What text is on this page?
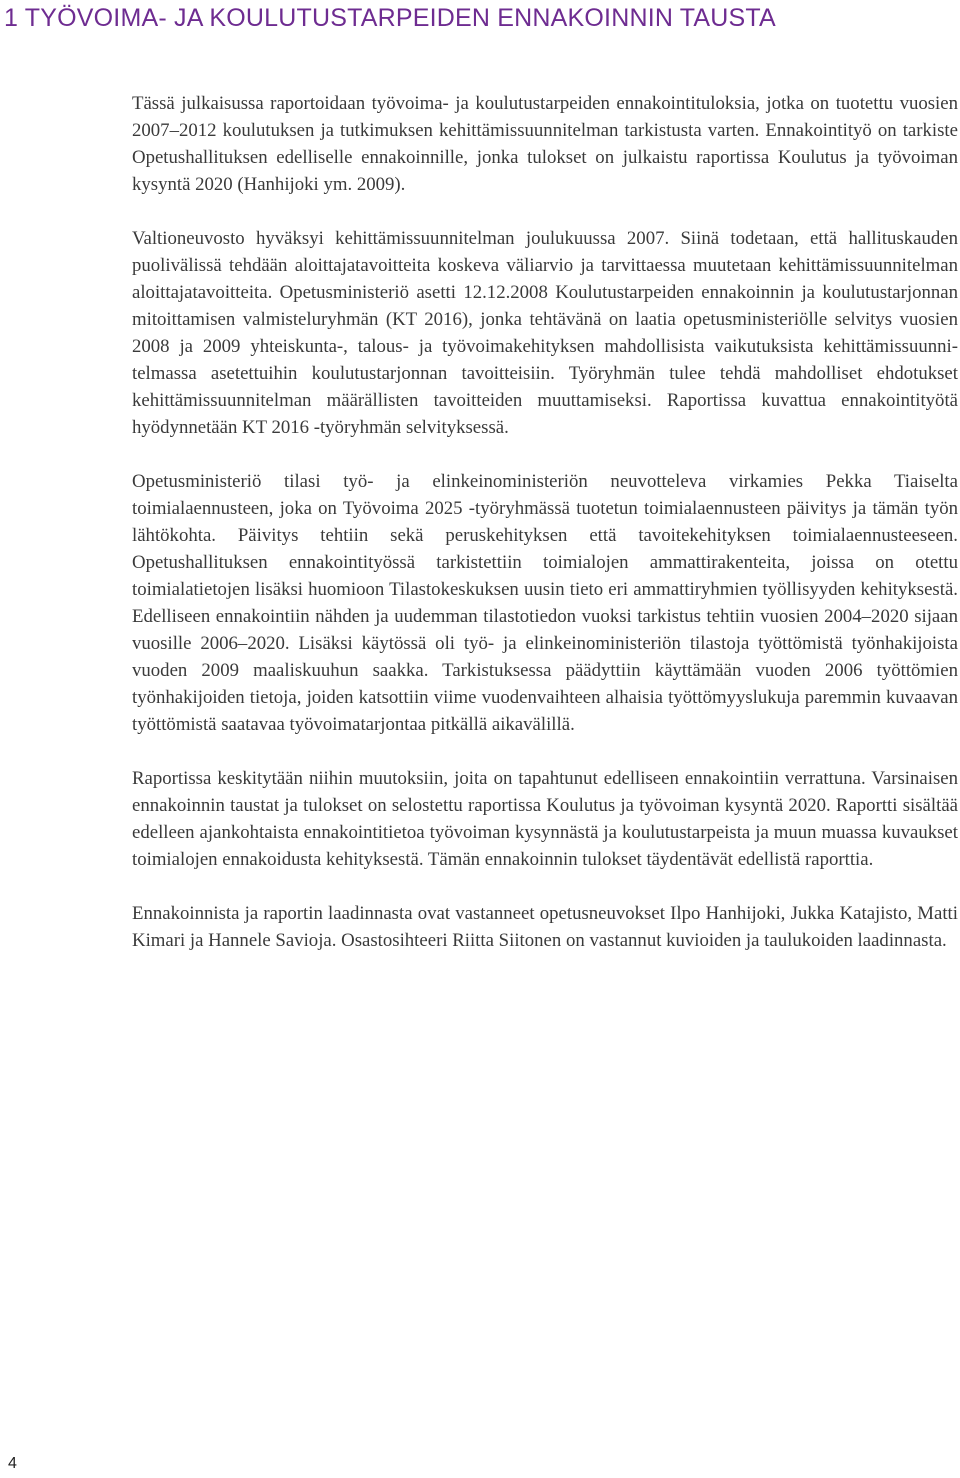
1 TYÖVOIMA- JA KOULUTUSTARPEIDEN ENNAKOINNIN TAUSTA

Tässä julkaisussa raportoidaan työvoima- ja koulutustarpeiden ennakointituloksia, jotka on tuotettu vuosien 2007–2012 koulutuksen ja tutkimuksen kehittämissuunnitelman tarkistusta varten. Ennakointityö on tarkiste Opetushallituksen edelliselle ennakoinnille, jonka tulokset on julkaistu raportissa Koulutus ja työvoiman kysyntä 2020 (Hanhijoki ym. 2009).

Valtioneuvosto hyväksyi kehittämissuunnitelman joulukuussa 2007. Siinä todetaan, että hallituskauden puolivälissä tehdään aloittajatavoitteita koskeva väliarvio ja tarvittaessa muutetaan kehittämissuunnitelman aloittajatavoitteita. Opetusministeriö asetti 12.12.2008 Koulutustarpeiden ennakoinnin ja koulutustarjonnan mitoittamisen valmisteluryhmän (KT 2016), jonka tehtävänä on laatia opetusministeriölle selvitys vuosien 2008 ja 2009 yhteiskunta-, talous- ja työvoimakehityksen mahdollisista vaikutuksista kehittämissuunnitelmassa asetettuihin koulutustarjonnan tavoitteisiin. Työryhmän tulee tehdä mahdolliset ehdotukset kehittämissuunnitelman määrällisten tavoitteiden muuttamiseksi. Raportissa kuvattua ennakointityötä hyödynnetään KT 2016 -työryhmän selvityksessä.

Opetusministeriö tilasi työ- ja elinkeinoministeriön neuvotteleva virkamies Pekka Tiaiselta toimialaennusteen, joka on Työvoima 2025 -työryhmässä tuotetun toimialaennusteen päivitys ja tämän työn lähtökohta. Päivitys tehtiin sekä peruskehityksen että tavoitekehityksen toimialaennusteeseen. Opetushallituksen ennakointityössä tarkistettiin toimialojen ammattirakenteita, joissa on otettu toimialatietojen lisäksi huomioon Tilastokeskuksen uusin tieto eri ammattiryhmien työllisyyden kehityksestä. Edelliseen ennakointiin nähden ja uudemman tilastotiedon vuoksi tarkistus tehtiin vuosien 2004–2020 sijaan vuosille 2006–2020. Lisäksi käytössä oli työ- ja elinkeinoministeriön tilastoja työttömistä työnhakijoista vuoden 2009 maaliskuuhun saakka. Tarkistuksessa päädyttiin käyttämään vuoden 2006 työttömien työnhakijoiden tietoja, joiden katsottiin viime vuodenvaihteen alhaisia työttömyyslukuja paremmin kuvaavan työttömistä saatavaa työvoimatarjontaa pitkällä aikavälillä.

Raportissa keskitytään niihin muutoksiin, joita on tapahtunut edelliseen ennakointiin verrattuna. Varsinaisen ennakoinnin taustat ja tulokset on selostettu raportissa Koulutus ja työvoiman kysyntä 2020. Raportti sisältää edelleen ajankohtaista ennakointitietoa työvoiman kysynnästä ja koulutustarpeista ja muun muassa kuvaukset toimialojen ennakoidusta kehityksestä. Tämän ennakoinnin tulokset täydentävät edellistä raporttia.

Ennakoinnista ja raportin laadinnasta ovat vastanneet opetusneuvokset Ilpo Hanhijoki, Jukka Katajisto, Matti Kimari ja Hannele Savioja. Osastosihteeri Riitta Siitonen on vastannut kuvioiden ja taulukoiden laadinnasta.

4
